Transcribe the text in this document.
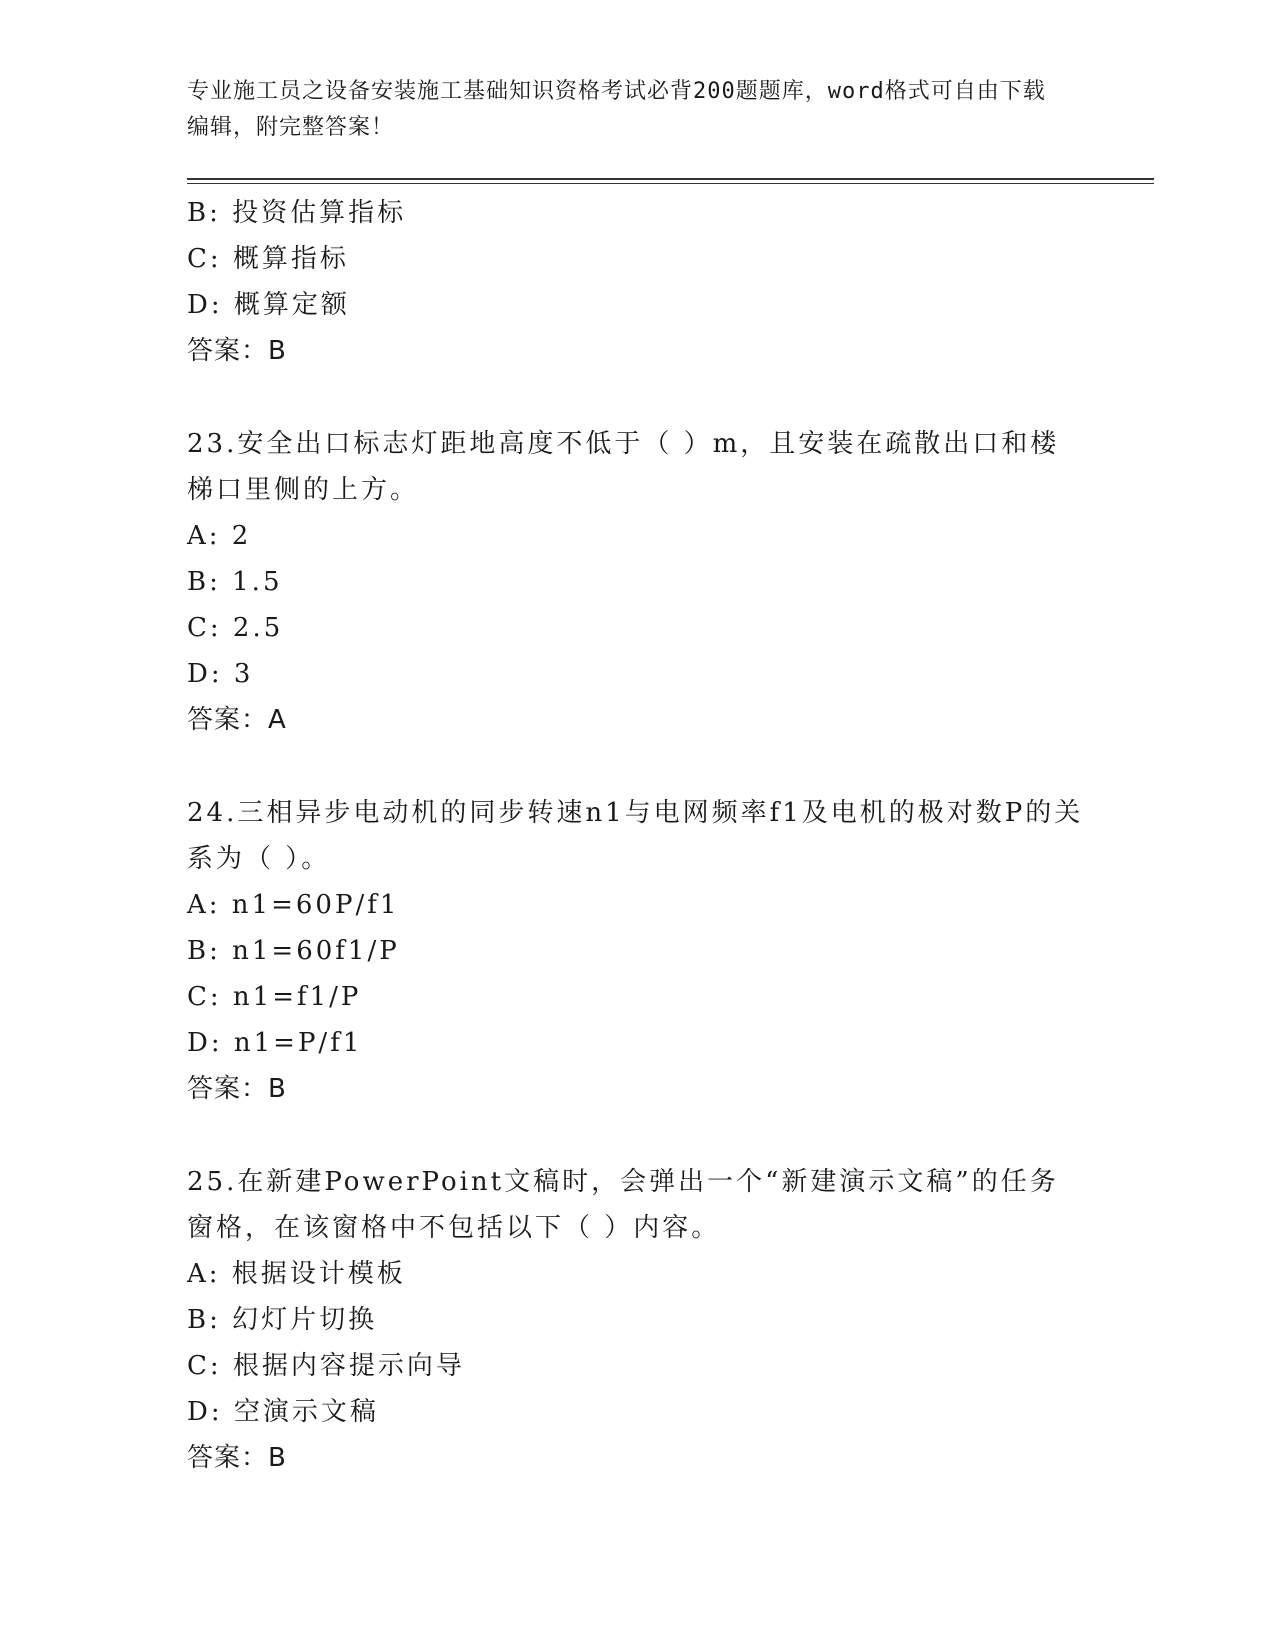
专业施工员之设备安装施工基础知识资格考试必背200题题库，word格式可自由下载编辑，附完整答案！
B: 投资估算指标
C: 概算指标
D: 概算定额
答案：B
23.安全出口标志灯距地高度不低于（ ）m，且安装在疏散出口和楼梯口里侧的上方。
A: 2
B: 1.5
C: 2.5
D: 3
答案：A
24.三相异步电动机的同步转速n1与电网频率f1及电机的极对数P的关系为（ ）。
A: n1=60P/f1
B: n1=60f1/P
C: n1=f1/P
D: n1=P/f1
答案：B
25.在新建PowerPoint文稿时，会弹出一个“新建演示文稿”的任务窗格，在该窗格中不包括以下（ ）内容。
A: 根据设计模板
B: 幻灯片切换
C: 根据内容提示向导
D: 空演示文稿
答案：B
